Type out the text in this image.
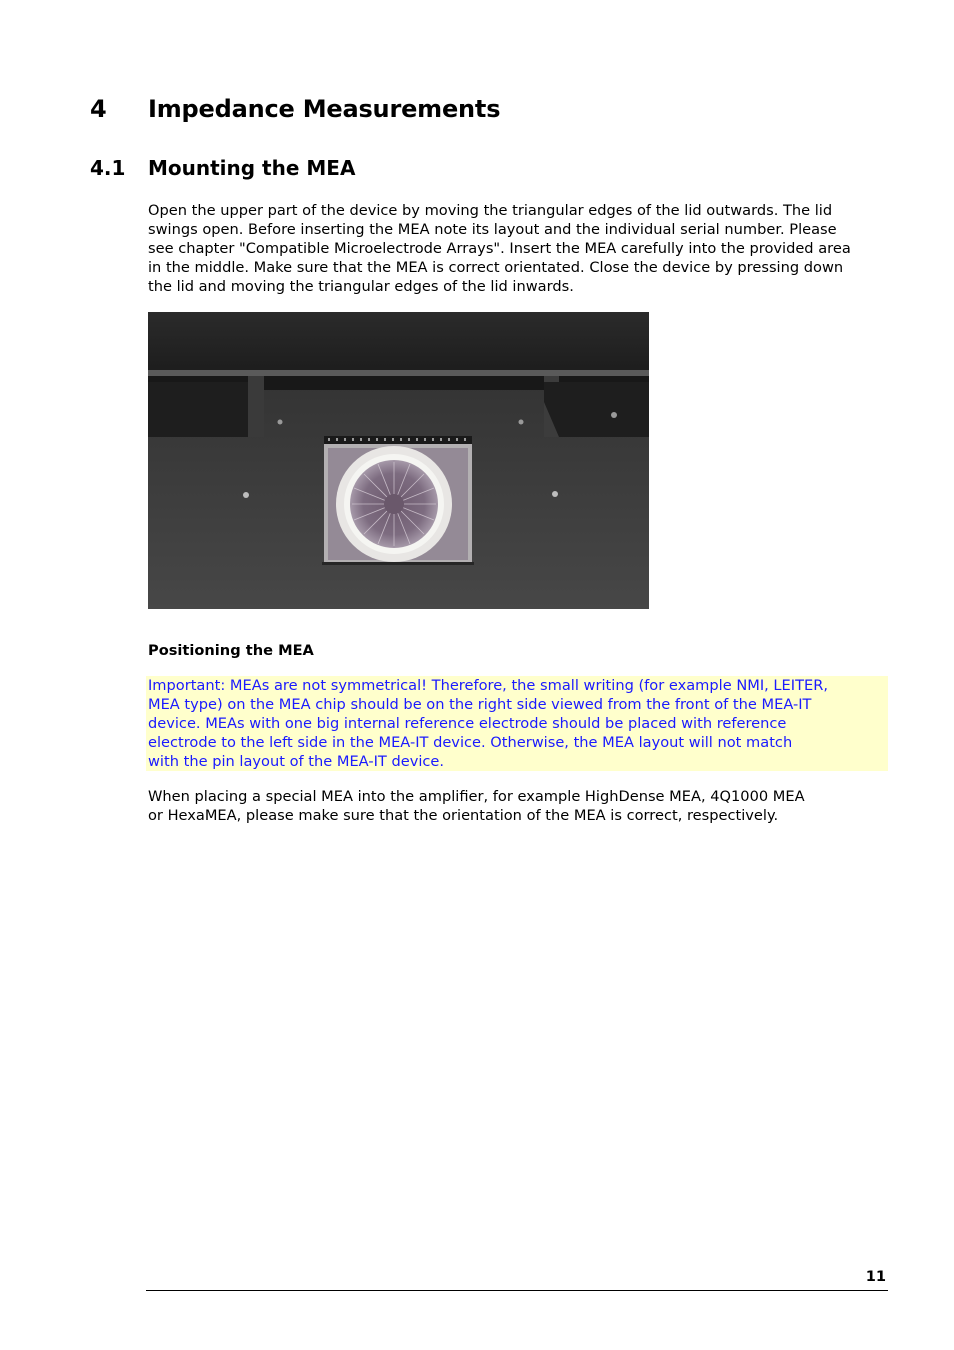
4 Impedance Measurements
4.1 Mounting the MEA
Open the upper part of the device by moving the triangular edges of the lid outwards. The lid
swings open. Before inserting the MEA note its layout and the individual serial number. Please
see chapter "Compatible Microelectrode Arrays". Insert the MEA carefully into the provided area
in the middle. Make sure that the MEA is correct orientated. Close the device by pressing down
the lid and moving the triangular edges of the lid inwards.

Positioning the MEA

Important: MEAs are not symmetrical! Therefore, the small writing (for example NMI, LEITER,
MEA type) on the MEA chip should be on the right side viewed from the front of the MEA-IT
device. MEAs with one big internal reference electrode should be placed with reference
electrode to the left side in the MEA-IT device. Otherwise, the MEA layout will not match
with the pin layout of the MEA-IT device.
When placing a special MEA into the amplifier, for example HighDense MEA, 4Q1000 MEA
or HexaMEA, please make sure that the orientation of the MEA is correct, respectively.
11
